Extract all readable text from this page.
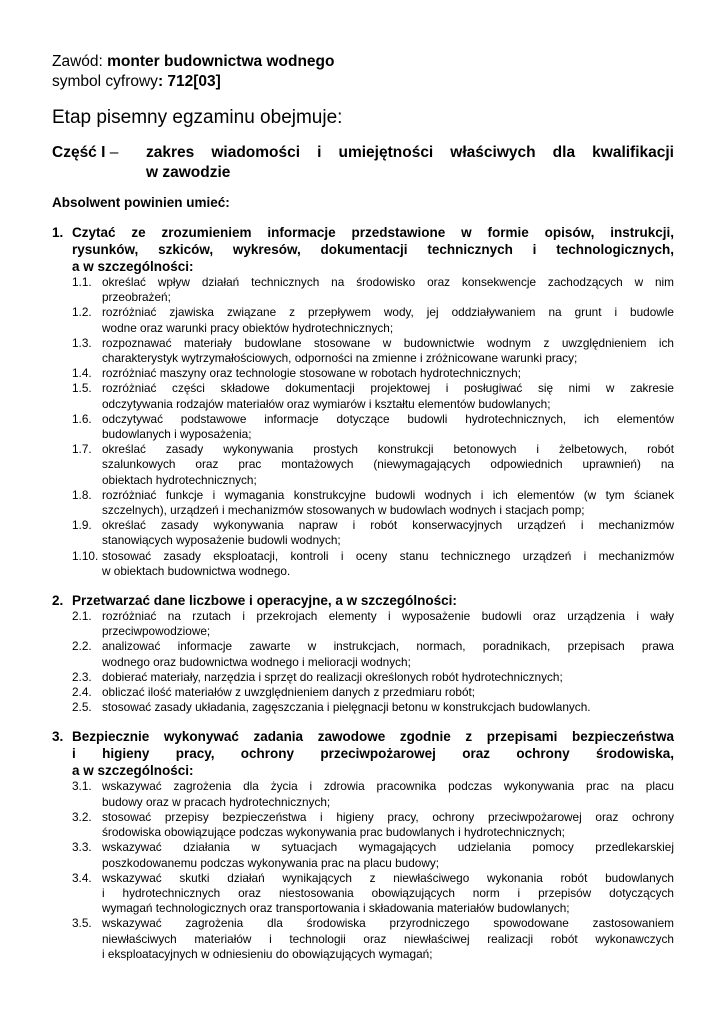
Zawód: monter budownictwa wodnego
symbol cyfrowy: 712[03]
Etap pisemny egzaminu obejmuje:
Część I – zakres wiadomości i umiejętności właściwych dla kwalifikacji
w zawodzie
Absolwent powinien umieć:
1. Czytać ze zrozumieniem informacje przedstawione w formie opisów, instrukcji,
rysunków, szkiców, wykresów, dokumentacji technicznych i technologicznych,
a w szczególności:
1.1. określać wpływ działań technicznych na środowisko oraz konsekwencje zachodzących w nim
przeobrażeń;
1.2. rozróżniać zjawiska związane z przepływem wody, jej oddziaływaniem na grunt i budowle
wodne oraz warunki pracy obiektów hydrotechnicznych;
1.3. rozpoznawać materiały budowlane stosowane w budownictwie wodnym z uwzględnieniem ich
charakterystyk wytrzymałościowych, odporności na zmienne i zróżnicowane warunki pracy;
1.4. rozróżniać maszyny oraz technologie stosowane w robotach hydrotechnicznych;
1.5. rozróżniać części składowe dokumentacji projektowej i posługiwać się nimi w zakresie
odczytywania rodzajów materiałów oraz wymiarów i kształtu elementów budowlanych;
1.6. odczytywać podstawowe informacje dotyczące budowli hydrotechnicznych, ich elementów
budowlanych i wyposażenia;
1.7. określać zasady wykonywania prostych konstrukcji betonowych i żelbetowych, robót
szalunkowych oraz prac montażowych (niewymagających odpowiednich uprawnień) na
obiektach hydrotechnicznych;
1.8. rozróżniać funkcje i wymagania konstrukcyjne budowli wodnych i ich elementów (w tym ścianek
szczelnych), urządzeń i mechanizmów stosowanych w budowlach wodnych i stacjach pomp;
1.9. określać zasady wykonywania napraw i robót konserwacyjnych urządzeń i mechanizmów
stanowiących wyposażenie budowli wodnych;
1.10. stosować zasady eksploatacji, kontroli i oceny stanu technicznego urządzeń i mechanizmów
w obiektach budownictwa wodnego.
2. Przetwarzać dane liczbowe i operacyjne, a w szczególności:
2.1. rozróżniać na rzutach i przekrojach elementy i wyposażenie budowli oraz urządzenia i wały
przeciwpowodziowe;
2.2. analizować informacje zawarte w instrukcjach, normach, poradnikach, przepisach prawa
wodnego oraz budownictwa wodnego i melioracji wodnych;
2.3. dobierać materiały, narzędzia i sprzęt do realizacji określonych robót hydrotechnicznych;
2.4. obliczać ilość materiałów z uwzględnieniem danych z przedmiaru robót;
2.5. stosować zasady układania, zagęszczania i pielęgnacji betonu w konstrukcjach budowlanych.
3. Bezpiecznie wykonywać zadania zawodowe zgodnie z przepisami bezpieczeństwa
i higieny pracy, ochrony przeciwpożarowej oraz ochrony środowiska,
a w szczególności:
3.1. wskazywać zagrożenia dla życia i zdrowia pracownika podczas wykonywania prac na placu
budowy oraz w pracach hydrotechnicznych;
3.2. stosować przepisy bezpieczeństwa i higieny pracy, ochrony przeciwpożarowej oraz ochrony
środowiska obowiązujące podczas wykonywania prac budowlanych i hydrotechnicznych;
3.3. wskazywać działania w sytuacjach wymagających udzielania pomocy przedlekarskiej
poszkodowanemu podczas wykonywania prac na placu budowy;
3.4. wskazywać skutki działań wynikających z niewłaściwego wykonania robót budowlanych
i hydrotechnicznych oraz niestosowania obowiązujących norm i przepisów dotyczących
wymagań technologicznych oraz transportowania i składowania materiałów budowlanych;
3.5. wskazywać zagrożenia dla środowiska przyrodniczego spowodowane zastosowaniem
niewłaściwych materiałów i technologii oraz niewłaściwej realizacji robót wykonawczych
i eksploatacyjnych w odniesieniu do obowiązujących wymagań;
